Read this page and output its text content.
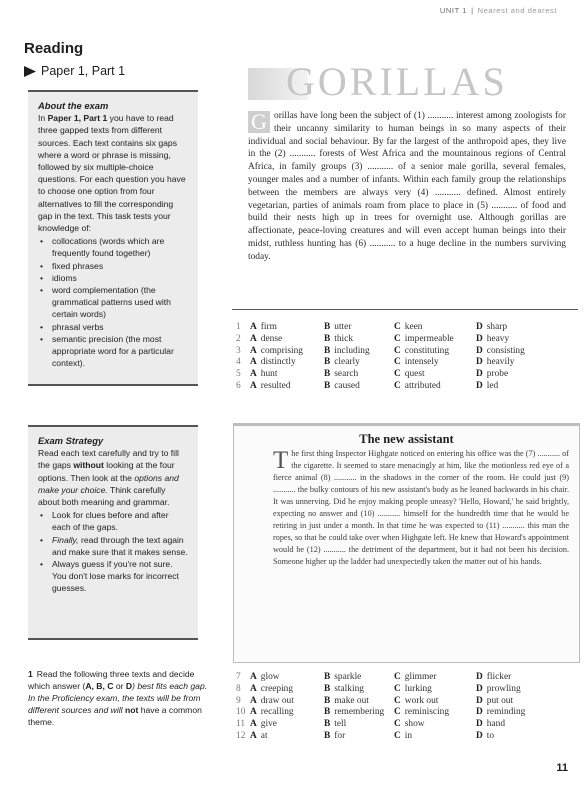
UNIT 1 | Nearest and dearest
Reading
Paper 1, Part 1

About the exam

In Paper 1, Part 1 you have to read three gapped texts from different sources. Each text contains six gaps where a word or phrase is missing, followed by six multiple-choice questions. For each question you have to choose one option from four alternatives to fill the corresponding gap in the text. This task tests your knowledge of:

• collocations (words which are frequently found together)
• fixed phrases
• idioms
• word complementation (the grammatical patterns used with certain words)
• phrasal verbs
• semantic precision (the most appropriate word for a particular context).

Exam Strategy

Read each text carefully and try to fill the gaps without looking at the four options. Then look at the options and make your choice. Think carefully about both meaning and grammar.

• Look for clues before and after each of the gaps.
• Finally, read through the text again and make sure that it makes sense.
• Always guess if you're not sure. You don't lose marks for incorrect guesses.
1 Read the following three texts and decide which answer (A, B, C or D) best fits each gap. In the Proficiency exam, the texts will be from different sources and will not have a common theme.
GORILLAS
G orillas have long been the subject of (1) ........... interest among zoologists for their uncanny similarity to human beings in so many aspects of their individual and social behaviour. By far the largest of the anthropoid apes, they live in the (2) ........... forests of West Africa and the mountainous regions of Central Africa, in family groups (3) ........... of a senior male gorilla, several females, younger males and a number of infants. Within each family group the relationships between the members are always very (4) ........... defined. Almost entirely vegetarian, parties of animals roam from place to place in (5) ........... of food and build their nests high up in trees for overnight use. Although gorillas are affectionate, peace-loving creatures and will even accept human beings into their midst, ruthless hunting has (6) ........... to a huge decline in the numbers surviving today.
1 A firm	B utter	C keen	D sharp
2 A dense	B thick	C impermeable	D heavy
3 A comprising	B including	C constituting	D consisting
4 A distinctly	B clearly	C intensely	D heavily
5 A hunt	B search	C quest	D probe
6 A resulted	B caused	C attributed	D led
The new assistant
The first thing Inspector Highgate noticed on entering his office was the (7) ........... of the cigarette. It seemed to stare menacingly at him, like the motionless red eye of a fierce animal (8) ........... in the shadows in the corner of the room. He could just (9) ........... the bulky contours of his new assistant's body as he leaned backwards in his chair. It was unnerving. Did he enjoy making people uneasy? 'Hello, Howard,' he said brightly, expecting no answer and (10) ........... himself for the hundredth time that he would be retiring in just under a month. In that time he was expected to (11) ........... this man the ropes, so that he could take over when Highgate left. He knew that Howard's appointment would be (12) ........... the detriment of the department, but it had not been his decision. Someone higher up the ladder had unexpectedly taken the matter out of his hands.
7 A glow	B sparkle	C glimmer	D flicker
8 A creeping	B stalking	C lurking	D prowling
9 A draw out	B make out	C work out	D put out
10 A recalling	B remembering	C reminiscing	D reminding
11 A give	B tell	C show	D hand
12 A at	B for	C in	D to
11
